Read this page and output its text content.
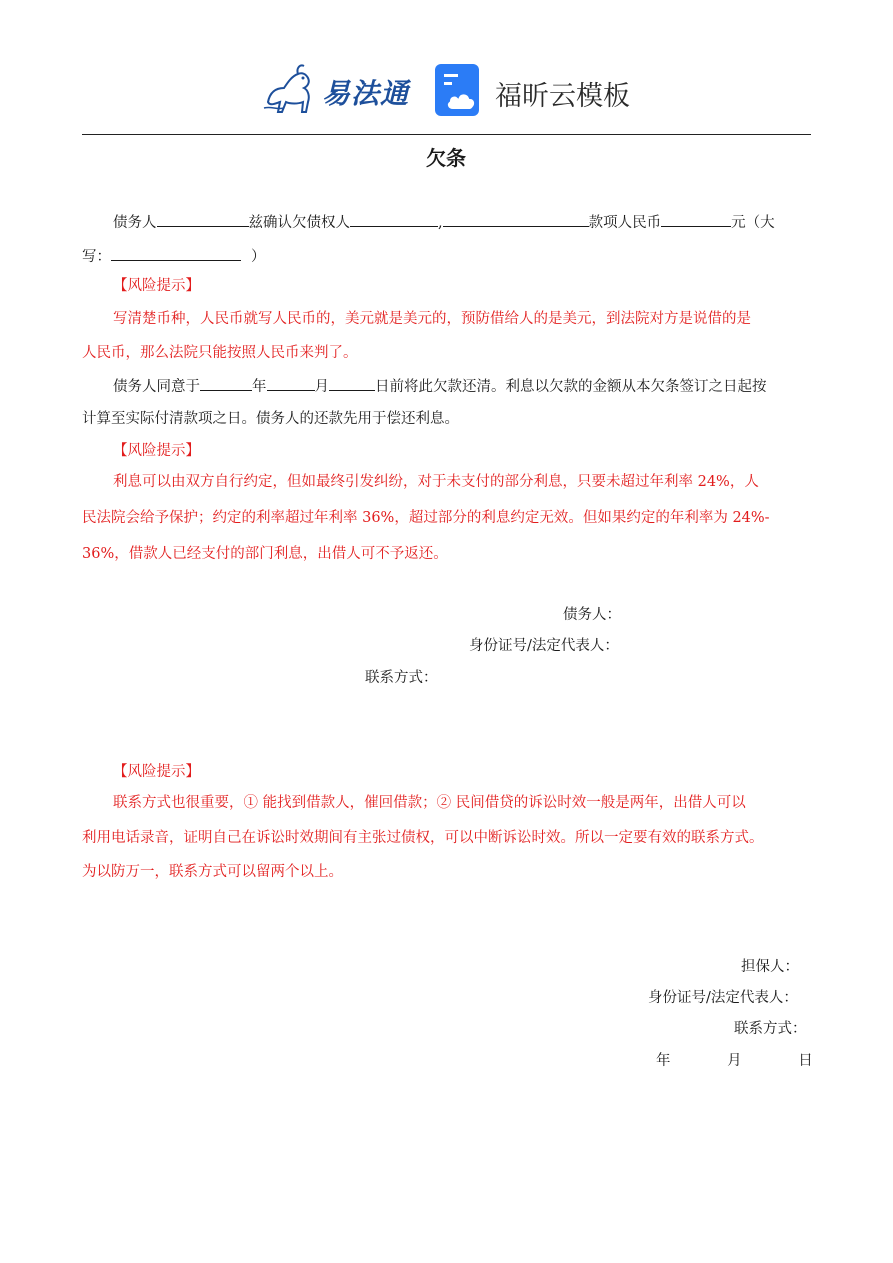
易法通	福昕云模板
欠条
债务人	兹确认欠债权人	,	款项人民币	元（大
写：	）
【风险提示】
写清楚币种，人民币就写人民币的，美元就是美元的，预防借给人的是美元，到法院对方是说借的是
人民币，那么法院只能按照人民币来判了。
债务人同意于	年	月	日前将此欠款还清。利息以欠款的金额从本欠条签订之日起按
计算至实际付清款项之日。债务人的还款先用于偿还利息。
【风险提示】
利息可以由双方自行约定，但如最终引发纠纷，对于未支付的部分利息，只要未超过年利率 24%，人
民法院会给予保护；约定的利率超过年利率 36%，超过部分的利息约定无效。但如果约定的年利率为 24%-
36%，借款人已经支付的部门利息，出借人可不予返还。
债务人：
身份证号/法定代表人：
联系方式：
【风险提示】
联系方式也很重要，① 能找到借款人，催回借款；② 民间借贷的诉讼时效一般是两年，出借人可以
利用电话录音，证明自己在诉讼时效期间有主张过债权，可以中断诉讼时效。所以一定要有效的联系方式。
为以防万一，联系方式可以留两个以上。
担保人：
身份证号/法定代表人：
联系方式：
年	月	日
